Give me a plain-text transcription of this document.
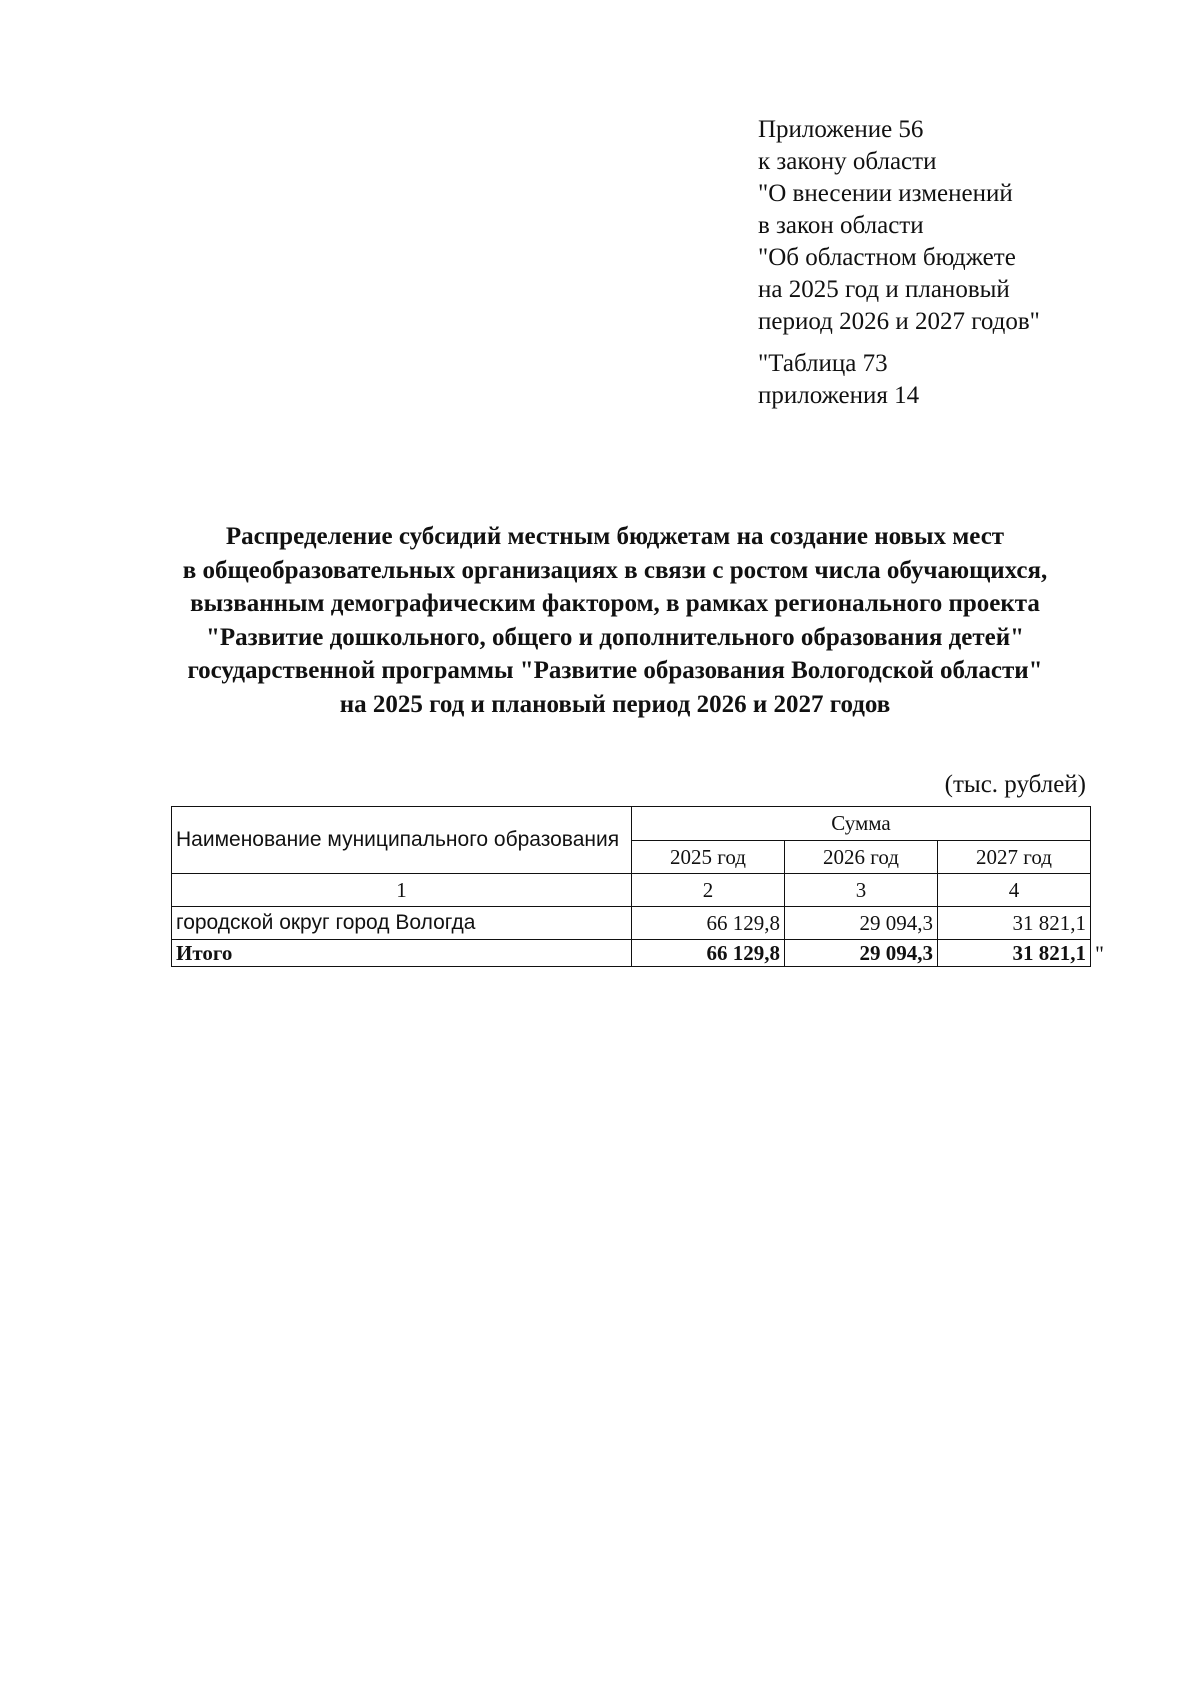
Приложение 56
к закону области
"О внесении изменений
в закон области
"Об областном бюджете
на 2025 год и плановый
период 2026 и 2027 годов"
"Таблица 73
приложения 14
Распределение субсидий местным бюджетам на создание новых мест
в общеобразовательных организациях в связи с ростом числа обучающихся,
вызванным демографическим фактором, в рамках регионального проекта
"Развитие дошкольного, общего и дополнительного образования детей"
государственной программы "Развитие образования Вологодской области"
на 2025 год и плановый период 2026 и 2027 годов
(тыс. рублей)
Наименование муниципального образования	Сумма		
	2025 год	2026 год	2027 год
1	2	3	4
городской округ город Вологда	66 129,8	29 094,3	31 821,1
Итого	66 129,8	29 094,3	31 821,1 "
